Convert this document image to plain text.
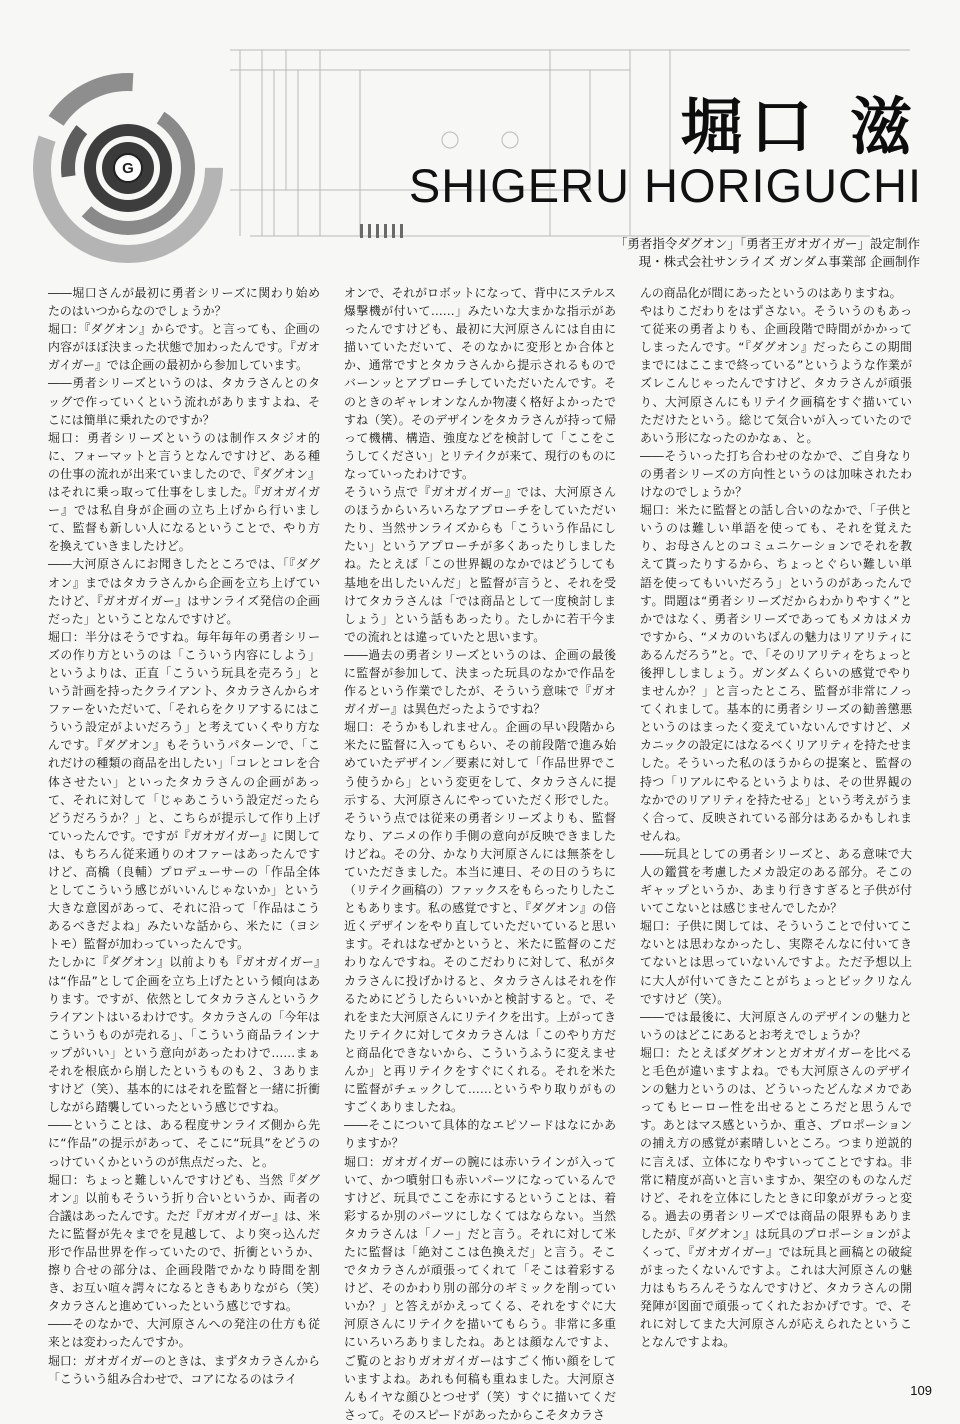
G
堀口 滋
SHIGERU HORIGUCHI
「勇者指令ダグオン」「勇者王ガオガイガー」設定制作
現・株式会社サンライズ ガンダム事業部 企画制作

――堀口さんが最初に勇者シリーズに関わり始めたのはいつからなのでしょうか？

堀口：『ダグオン』からです。と言っても、企画の内容がほぼ決まった状態で加わったんです。『ガオガイガー』では企画の最初から参加しています。

――勇者シリーズというのは、タカラさんとのタッグで作っていくという流れがありますよね、そこには簡単に乗れたのですか？

堀口：勇者シリーズというのは制作スタジオ的に、フォーマットと言うとなんですけど、ある種の仕事の流れが出来ていましたので、『ダグオン』はそれに乗っ取って仕事をしました。『ガオガイガー』では私自身が企画の立ち上げから行いまして、監督も新しい人になるということで、やり方を換えていきましたけど。

――大河原さんにお聞きしたところでは、「『ダグオン』まではタカラさんから企画を立ち上げていたけど、『ガオガイガー』はサンライズ発信の企画だった」ということなんですけど。

堀口：半分はそうですね。毎年毎年の勇者シリーズの作り方というのは「こういう内容にしよう」というよりは、正直「こういう玩具を売ろう」という計画を持ったクライアント、タカラさんからオファーをいただいて、「それらをクリアするにはこういう設定がよいだろう」と考えていくやり方なんです。『ダグオン』もそういうパターンで、「これだけの種類の商品を出したい」「コレとコレを合体させたい」といったタカラさんの企画があって、それに対して「じゃあこういう設定だったらどうだろうか？」と、こちらが提示して作り上げていったんです。ですが『ガオガイガー』に関しては、もちろん従来通りのオファーはあったんですけど、高橋（良輔）プロデューサーの「作品全体としてこういう感じがいいんじゃないか」という大きな意図があって、それに沿って「作品はこうあるべきだよね」みたいな話から、米たに（ヨシトモ）監督が加わっていったんです。

たしかに『ダグオン』以前よりも『ガオガイガー』は“作品”として企画を立ち上げたという傾向はあります。ですが、依然としてタカラさんというクライアントはいるわけです。タカラさんの「今年はこういうものが売れる」、「こういう商品ラインナップがいい」という意向があったわけで……まぁそれを根底から崩したというものも２、３ありますけど（笑）、基本的にはそれを監督と一緒に折衝しながら踏襲していったという感じですね。

――ということは、ある程度サンライズ側から先に“作品”の提示があって、そこに“玩具”をどうのっけていくかというのが焦点だった、と。

堀口：ちょっと難しいんですけども、当然『ダグオン』以前もそういう折り合いというか、両者の合議はあったんです。ただ『ガオガイガー』は、米たに監督が先々までを見越して、より突っ込んだ形で作品世界を作っていたので、折衝というか、擦り合せの部分は、企画段階でかなり時間を割き、お互い喧々諤々になるときもありながら（笑）タカラさんと進めていったという感じですね。

――そのなかで、大河原さんへの発注の仕方も従来とは変わったんですか。

堀口：ガオガイガーのときは、まずタカラさんから「こういう組み合わせで、コアになるのはライ

オンで、それがロボットになって、背中にステルス爆撃機が付いて……」みたいな大まかな指示があったんですけども、最初に大河原さんには自由に描いていただいて、そのなかに変形とか合体とか、通常ですとタカラさんから提示されるものでバーンッとアプローチしていただいたんです。そのときのギャレオンなんか物凄く格好よかったですね（笑）。そのデザインをタカラさんが持って帰って機構、構造、強度などを検討して「ここをこうしてください」とリテイクが来て、現行のものになっていったわけです。

そういう点で『ガオガイガー』では、大河原さんのほうからいろいろなアプローチをしていただいたり、当然サンライズからも「こういう作品にしたい」というアプローチが多くあったりしましたね。たとえば「この世界観のなかではどうしても基地を出したいんだ」と監督が言うと、それを受けてタカラさんは「では商品として一度検討しましょう」という話もあったり。たしかに若干今までの流れとは違っていたと思います。

――過去の勇者シリーズというのは、企画の最後に監督が参加して、決まった玩具のなかで作品を作るという作業でしたが、そういう意味で『ガオガイガー』は異色だったようですね？

堀口：そうかもしれません。企画の早い段階から米たに監督に入ってもらい、その前段階で進み始めていたデザイン／要素に対して「作品世界でこう使うから」という変更をして、タカラさんに提示する、大河原さんにやっていただく形でした。そういう点では従来の勇者シリーズよりも、監督なり、アニメの作り手側の意向が反映できましたけどね。その分、かなり大河原さんには無茶をしていただきました。本当に連日、その日のうちに（リテイク画稿の）ファックスをもらったりしたこともあります。私の感覚ですと、『ダグオン』の倍近くデザインをやり直していただいていると思います。それはなぜかというと、米たに監督のこだわりなんですね。そのこだわりに対して、私がタカラさんに投げかけると、タカラさんはそれを作るためにどうしたらいいかと検討すると。で、それをまた大河原さんにリテイクを出す。上がってきたリテイクに対してタカラさんは「このやり方だと商品化できないから、こういうふうに変えませんか」と再リテイクをすぐにくれる。それを米たに監督がチェックして……というやり取りがものすごくありましたね。

――そこについて具体的なエピソードはなにかありますか？

堀口：ガオガイガーの腕には赤いラインが入っていて、かつ噴射口も赤いパーツになっているんですけど、玩具でここを赤にするということは、着彩するか別のパーツにしなくてはならない。当然タカラさんは「ノー」だと言う。それに対して米たに監督は「絶対ここは色換えだ」と言う。そこでタカラさんが頑張ってくれて「そこは着彩するけど、そのかわり別の部分のギミックを削っていいか？」と答えがかえってくる、それをすぐに大河原さんにリテイクを描いてもらう。非常に多重にいろいろありましたね。あとは顔なんですよ、ご覧のとおりガオガイガーはすごく怖い顔をしていますよね。あれも何稿も重ねました。大河原さんもイヤな顔ひとつせず（笑）すぐに描いてくださって。そのスピードがあったからこそタカラさ

んの商品化が間にあったというのはありますね。

やはりこだわりをはずさない。そういうのもあって従来の勇者よりも、企画段階で時間がかかってしまったんです。“『ダグオン』だったらこの期間までにはここまで終っている”というような作業がズレこんじゃったんですけど、タカラさんが頑張り、大河原さんにもリテイク画稿をすぐ描いていただけたという。総じて気合いが入っていたのであいう形になったのかなぁ、と。

――そういった打ち合わせのなかで、ご自身なりの勇者シリーズの方向性というのは加味されたわけなのでしょうか？

堀口：米たに監督との話し合いのなかで、「子供というのは難しい単語を使っても、それを覚えたり、お母さんとのコミュニケーションでそれを教えて貰ったりするから、ちょっとぐらい難しい単語を使ってもいいだろう」というのがあったんです。問題は“勇者シリーズだからわかりやすく”とかではなく、勇者シリーズであってもメカはメカですから、“メカのいちばんの魅力はリアリティにあるんだろう”と。で、「そのリアリティをちょっと後押ししましょう。ガンダムくらいの感覚でやりませんか？」と言ったところ、監督が非常にノってくれまして。基本的に勇者シリーズの勧善懲悪というのはまったく変えていないんですけど、メカニックの設定にはなるべくリアリティを持たせました。そういった私のほうからの提案と、監督の持つ「リアルにやるというよりは、その世界観のなかでのリアリティを持たせる」という考えがうまく合って、反映されている部分はあるかもしれませんね。

――玩具としての勇者シリーズと、ある意味で大人の鑑賞を考慮したメカ設定のある部分。そこのギャップというか、あまり行きすぎると子供が付いてこないとは感じませんでしたか？

堀口：子供に関しては、そういうことで付いてこないとは思わなかったし、実際そんなに付いてきてないとは思っていないんですよ。ただ予想以上に大人が付いてきたことがちょっとビックリなんですけど（笑）。

――では最後に、大河原さんのデザインの魅力というのはどこにあるとお考えでしょうか？

堀口：たとえばダグオンとガオガイガーを比べると毛色が違いますよね。でも大河原さんのデザインの魅力というのは、どういったどんなメカであってもヒーロー性を出せるところだと思うんです。あとはマス感というか、重さ、プロポーションの捕え方の感覚が素晴しいところ。つまり逆説的に言えば、立体になりやすいってことですね。非常に精度が高いと言いますか、架空のものなんだけど、それを立体にしたときに印象がガラっと変る。過去の勇者シリーズでは商品の限界もありましたが、『ダグオン』は玩具のプロポーションがよくって、『ガオガイガー』では玩具と画稿との破綻がまったくないんですよ。これは大河原さんの魅力はもちろんそうなんですけど、タカラさんの開発陣が図面で頑張ってくれたおかげです。で、それに対してまた大河原さんが応えられたということなんですよね。

109
